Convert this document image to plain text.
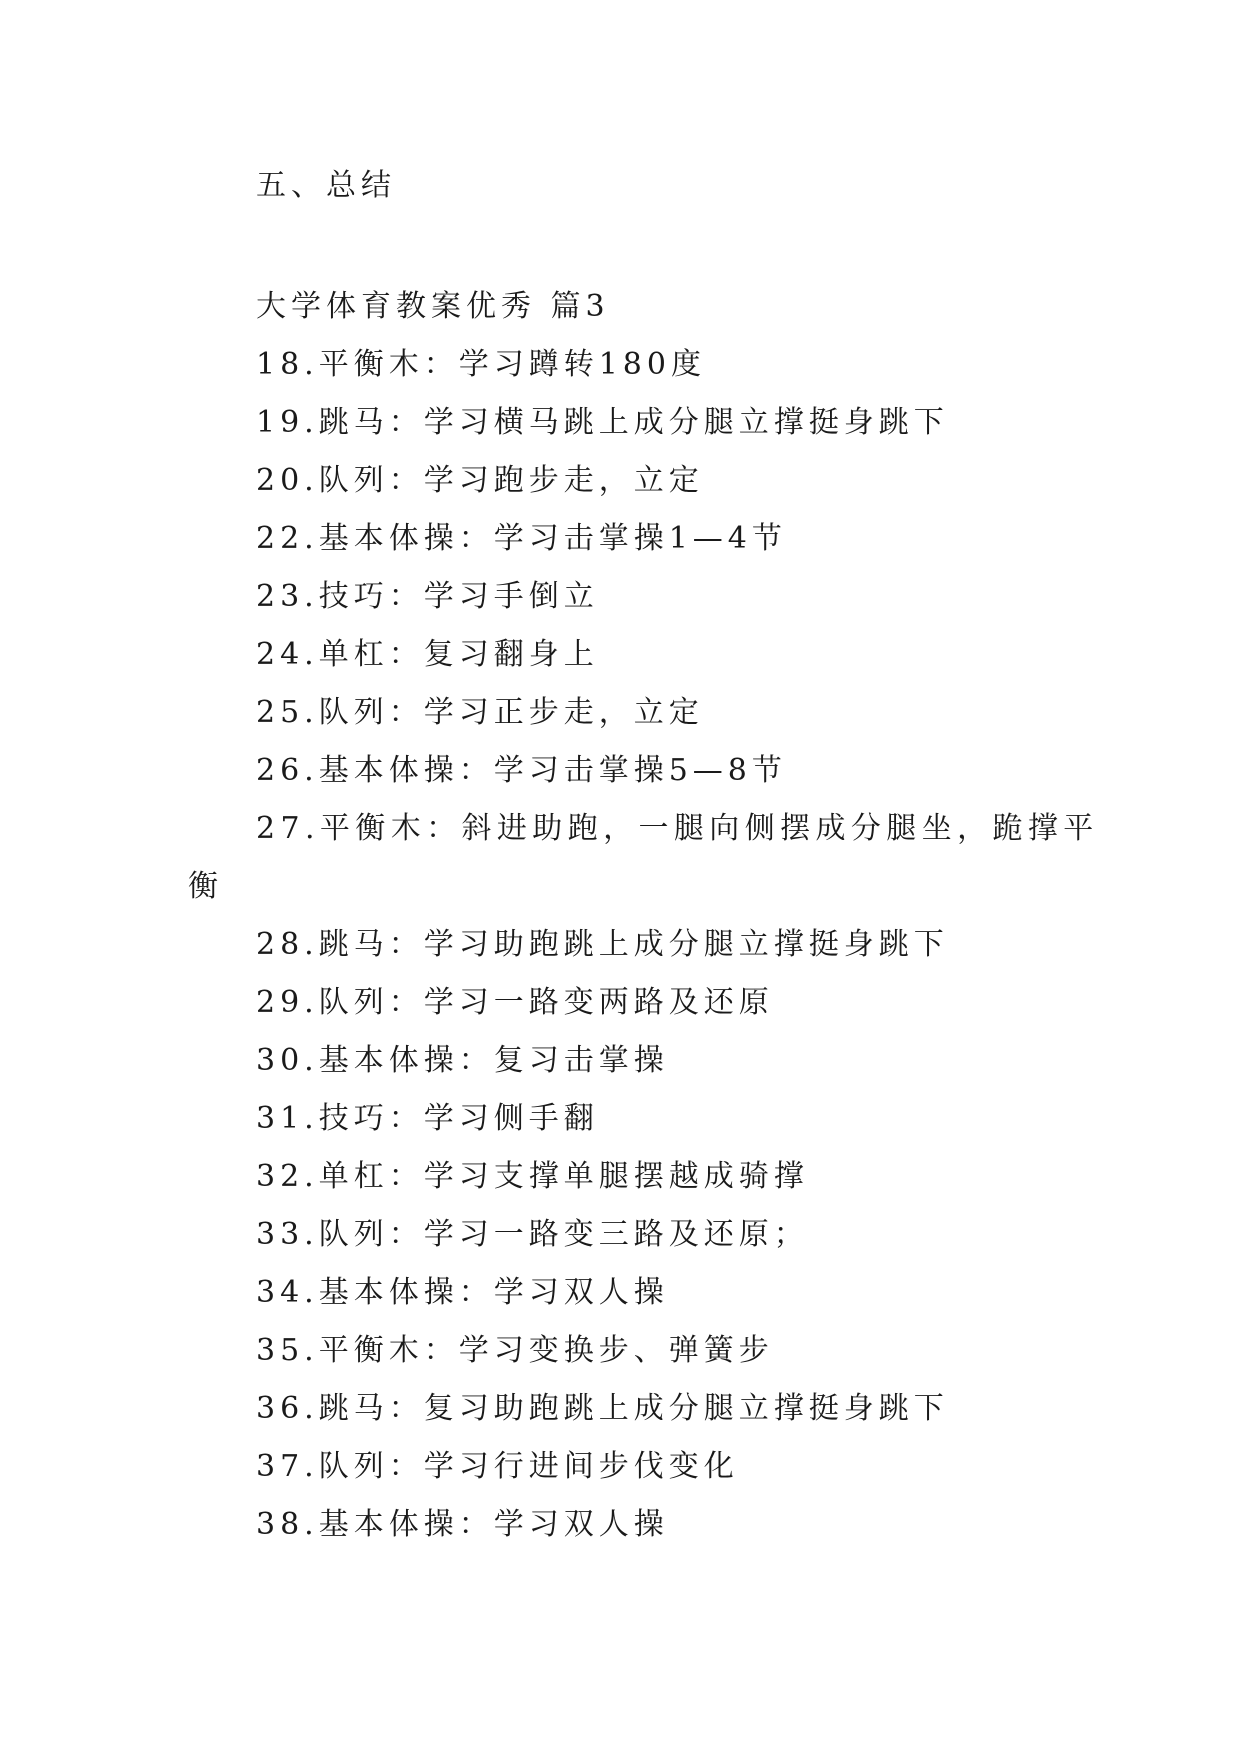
五、总结
大学体育教案优秀 篇3
18.平衡木：学习蹲转180度
19.跳马：学习横马跳上成分腿立撑挺身跳下
20.队列：学习跑步走，立定
22.基本体操：学习击掌操1—4节
23.技巧：学习手倒立
24.单杠：复习翻身上
25.队列：学习正步走，立定
26.基本体操：学习击掌操5—8节
27.平衡木：斜进助跑，一腿向侧摆成分腿坐，跪撑平
衡
28.跳马：学习助跑跳上成分腿立撑挺身跳下
29.队列：学习一路变两路及还原
30.基本体操：复习击掌操
31.技巧：学习侧手翻
32.单杠：学习支撑单腿摆越成骑撑
33.队列：学习一路变三路及还原；
34.基本体操：学习双人操
35.平衡木：学习变换步、弹簧步
36.跳马：复习助跑跳上成分腿立撑挺身跳下
37.队列：学习行进间步伐变化
38.基本体操：学习双人操
